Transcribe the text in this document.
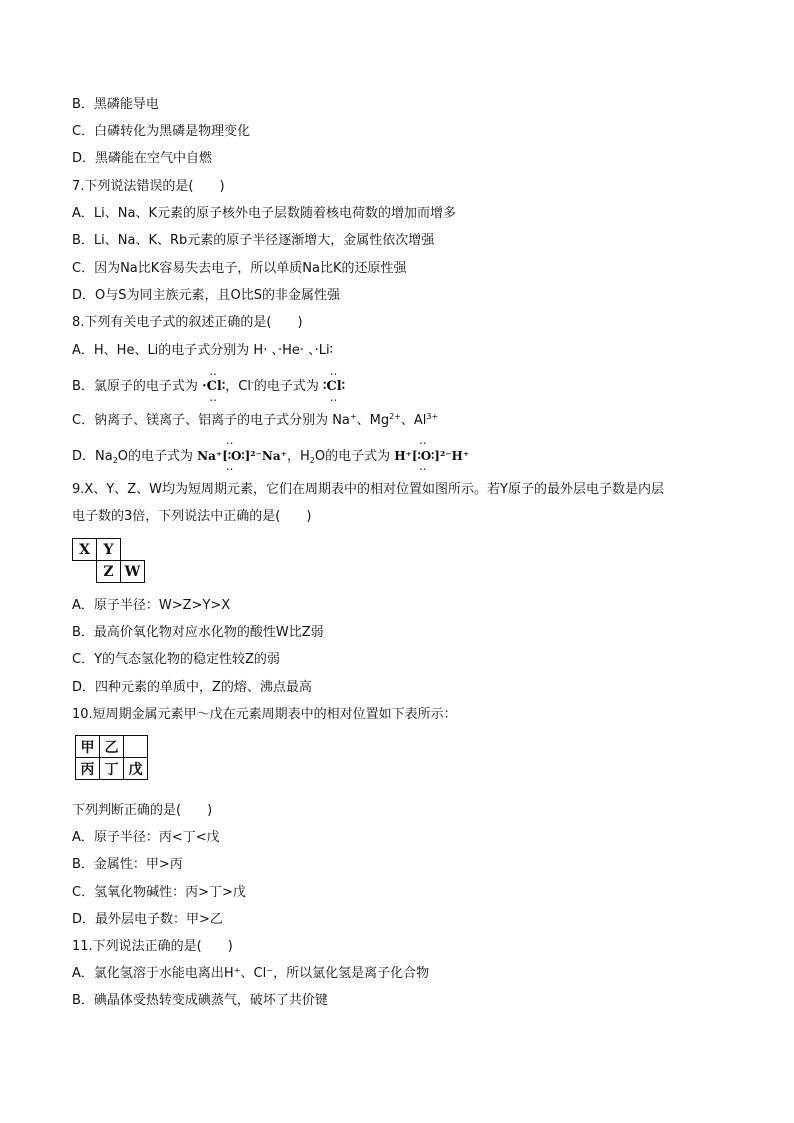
B．黑磷能导电
C．白磷转化为黑磷是物理变化
D．黑磷能在空气中自燃
7.下列说法错误的是(　　)
A．Li、Na、K元素的原子核外电子层数随着核电荷数的增加而增多
B．Li、Na、K、Rb元素的原子半径逐渐增大，金属性依次增强
C．因为Na比K容易失去电子，所以单质Na比K的还原性强
D．O与S为同主族元素，且O比S的非金属性强
8.下列有关电子式的叙述正确的是(　　)
A．H、He、Li的电子式分别为 H· 、·He· 、·Li∶
B．氯原子的电子式为
··
·Cl∶
··
，Cl-的电子式为
··
∶Cl∶
··
C．钠离子、镁离子、铝离子的电子式分别为 Na+、$Mg^{2+}$、$Al^{3+}$
D．$Na_2O$的电子式为
··
Na⁺[∶O∶]²⁻Na⁺
··
，$H_2O$的电子式为
··
H⁺[∶O∶]²⁻H⁺
··
9.X、Y、Z、W均为短周期元素，它们在周期表中的相对位置如图所示。若Y原子的最外层电子数是内层
电子数的3倍，下列说法中正确的是(　　)
X	Y	
	Z	W
A．原子半径：W>Z>Y>X
B．最高价氧化物对应水化物的酸性W比Z弱
C．Y的气态氢化物的稳定性较Z的弱
D．四种元素的单质中，Z的熔、沸点最高
10.短周期金属元素甲～戊在元素周期表中的相对位置如下表所示：
甲	乙	
丙	丁	戊
下列判断正确的是(　　)
A．原子半径：丙<丁<戊
B．金属性：甲>丙
C．氢氧化物碱性：丙>丁>戊
D．最外层电子数：甲>乙
11.下列说法正确的是(　　)
A．氯化氢溶于水能电离出H⁺、Cl⁻，所以氯化氢是离子化合物
B．碘晶体受热转变成碘蒸气，破坏了共价键
